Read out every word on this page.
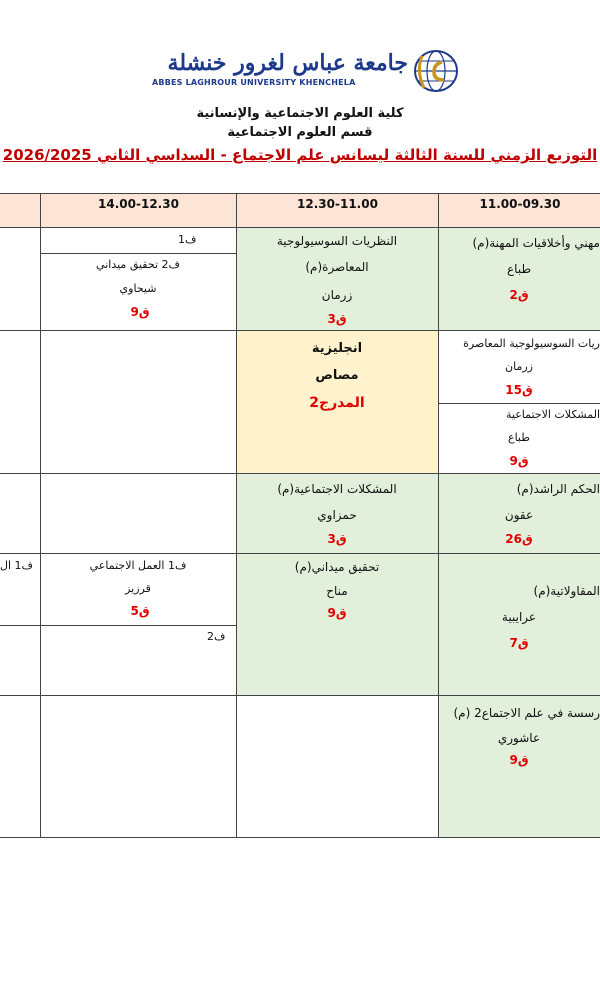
جامعة عباس لغرور خنشلة
ABBES LAGHROUR UNIVERSITY KHENCHELA
كلية العلوم الاجتماعية والإنسانية
قسم العلوم الاجتماعية
التوزيع الزمني للسنة الثالثة ليسانس علم الاجتماع - السداسي الثاني 2026/2025
11.00-09.30
12.30-11.00
14.00-12.30
مهني وأخلاقيات المهنة(م)
طباع
ق2
النظريات السوسيولوجية
المعاصرة(م)
زرمان
ق3
ف1
ف2 تحقيق ميداني
شيحاوي
ق9
ريات السوسيولوجية المعاصرة
زرمان
ق15
المشكلات الاجتماعية
طباع
ق9
انجليزية
مصاص
المدرج2
الحكم الراشد(م)
عقون
ق26
المشكلات الاجتماعية(م)
حمزاوي
ق3
المقاولاتية(م)
عرايبية
ق7
تحقيق ميداني(م)
مناح
ق9
ف1 العمل الاجتماعي
قرزيز
ق5
ف2
ف1 ال
رسسة في علم الاجتماع2 (م)
عاشوري
ق9
